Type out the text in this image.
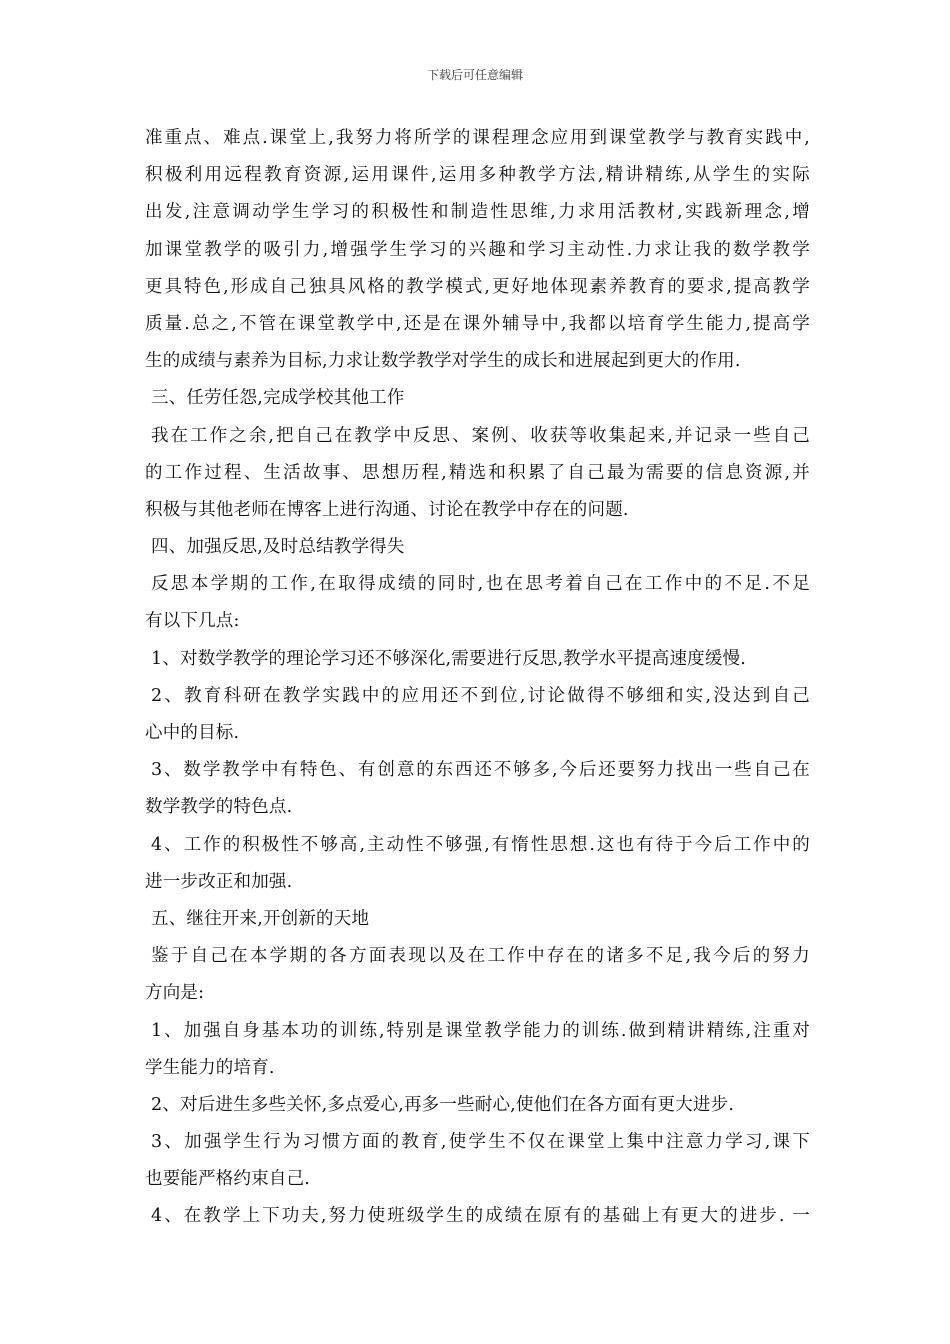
下载后可任意编辑
准重点、难点.课堂上,我努力将所学的课程理念应用到课堂教学与教育实践中,
积极利用远程教育资源,运用课件,运用多种教学方法,精讲精练,从学生的实际
出发,注意调动学生学习的积极性和制造性思维,力求用活教材,实践新理念,增
加课堂教学的吸引力,增强学生学习的兴趣和学习主动性.力求让我的数学教学
更具特色,形成自己独具风格的教学模式,更好地体现素养教育的要求,提高教学
质量.总之,不管在课堂教学中,还是在课外辅导中,我都以培育学生能力,提高学
生的成绩与素养为目标,力求让数学教学对学生的成长和进展起到更大的作用.
三、任劳任怨,完成学校其他工作
我在工作之余,把自己在教学中反思、案例、收获等收集起来,并记录一些自己
的工作过程、生活故事、思想历程,精选和积累了自己最为需要的信息资源,并
积极与其他老师在博客上进行沟通、讨论在教学中存在的问题.
四、加强反思,及时总结教学得失
反思本学期的工作,在取得成绩的同时,也在思考着自己在工作中的不足.不足
有以下几点:
1、对数学教学的理论学习还不够深化,需要进行反思,教学水平提高速度缓慢.
2、教育科研在教学实践中的应用还不到位,讨论做得不够细和实,没达到自己
心中的目标.
3、数学教学中有特色、有创意的东西还不够多,今后还要努力找出一些自己在
数学教学的特色点.
4、工作的积极性不够高,主动性不够强,有惰性思想.这也有待于今后工作中的
进一步改正和加强.
五、继往开来,开创新的天地
鉴于自己在本学期的各方面表现以及在工作中存在的诸多不足,我今后的努力
方向是:
1、加强自身基本功的训练,特别是课堂教学能力的训练.做到精讲精练,注重对
学生能力的培育.
2、对后进生多些关怀,多点爱心,再多一些耐心,使他们在各方面有更大进步.
3、加强学生行为习惯方面的教育,使学生不仅在课堂上集中注意力学习,课下
也要能严格约束自己.
4、在教学上下功夫,努力使班级学生的成绩在原有的基础上有更大的进步. 一
